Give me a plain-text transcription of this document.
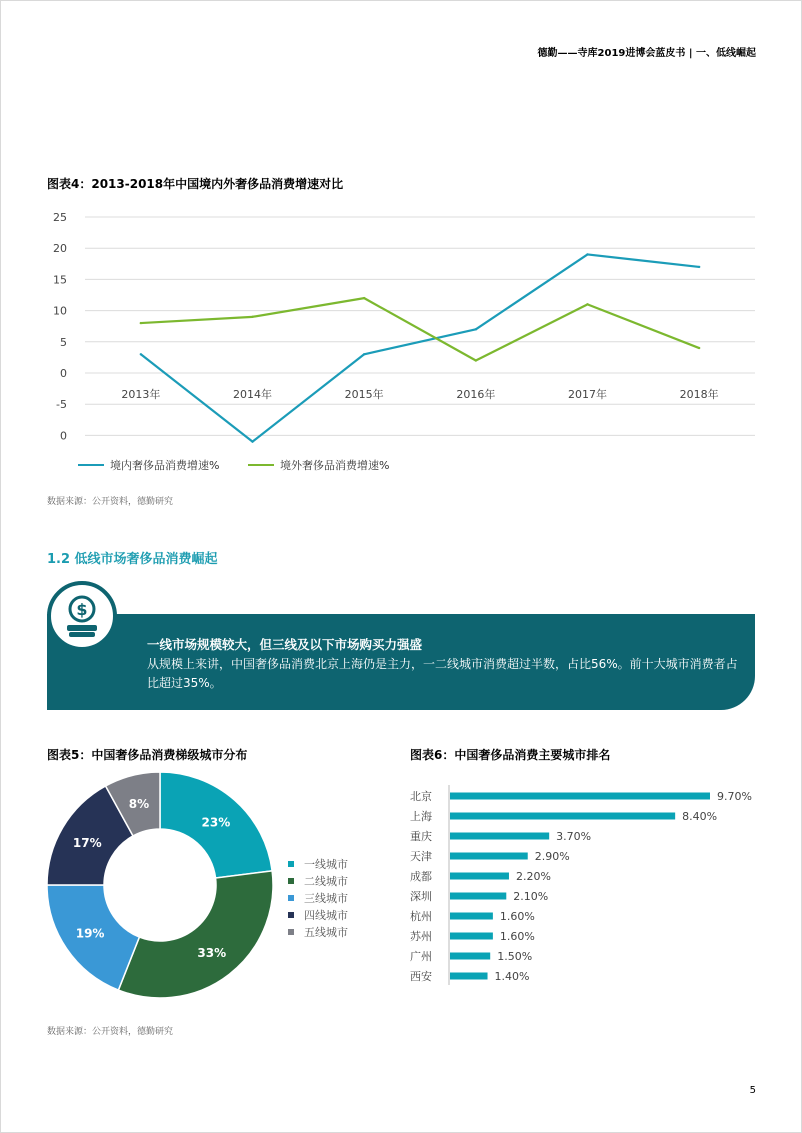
德勤——寺库2019进博会蓝皮书 | 一、低线崛起
图表4：2013-2018年中国境内外奢侈品消费增速对比
25
20
15
10
5
0
-5
0
2013年	2014年	2015年	2016年	2017年	2018年
境内奢侈品消费增速%	境外奢侈品消费增速%
数据来源：公开资料，德勤研究
1.2 低线市场奢侈品消费崛起
一线市场规模较大，但三线及以下市场购买力强盛
从规模上来讲，中国奢侈品消费北京上海仍是主力，一二线城市消费超过半数，占比56%。前十大城市消费者占比超过35%。
$
图表5：中国奢侈品消费梯级城市分布
23%
33%
19%
17%
8%
一线城市
二线城市
三线城市
四线城市
五线城市
数据来源：公开资料，德勤研究
图表6：中国奢侈品消费主要城市排名
北京	9.70%
上海	8.40%
重庆	3.70%
天津	2.90%
成都	2.20%
深圳	2.10%
杭州	1.60%
苏州	1.60%
广州	1.50%
西安	1.40%
5
